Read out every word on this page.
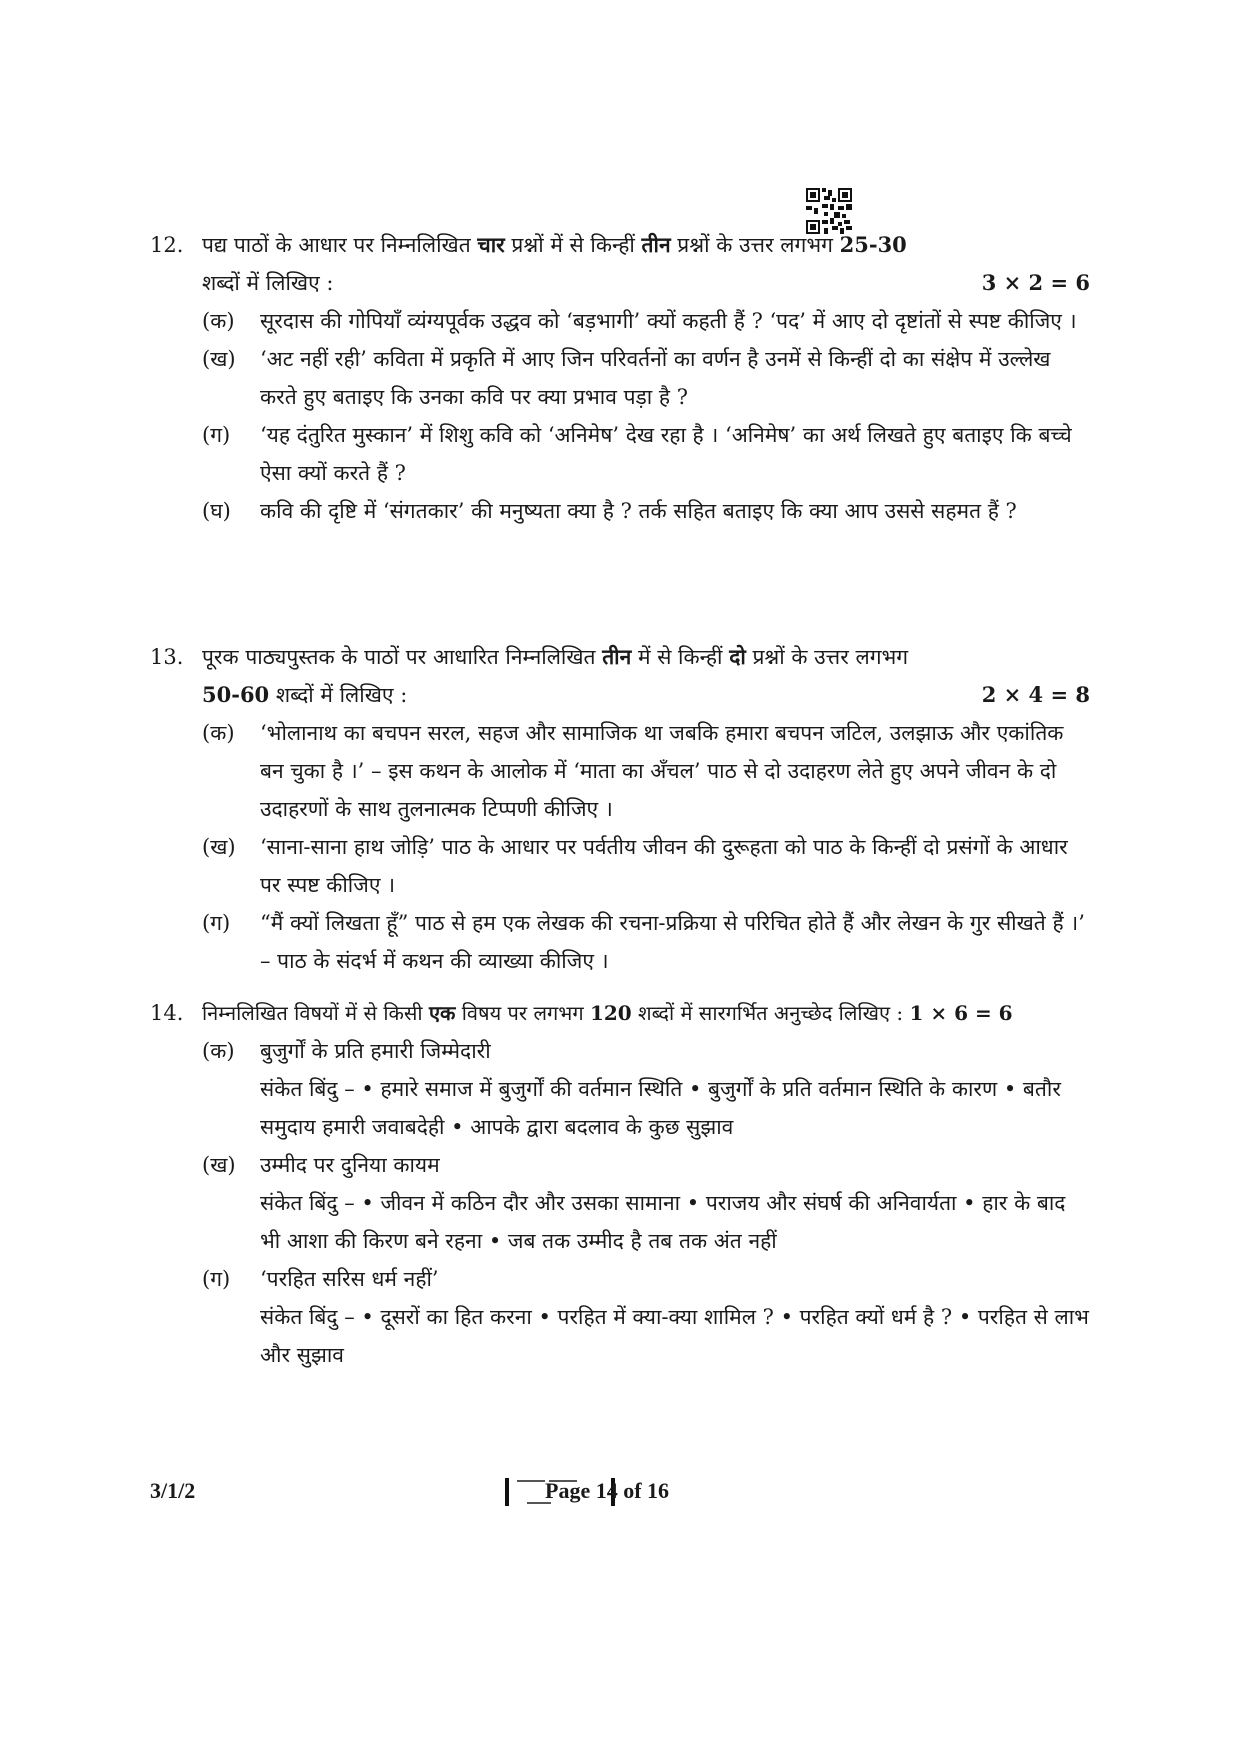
12. पद्य पाठों के आधार पर निम्नलिखित चार प्रश्नों में से किन्हीं तीन प्रश्नों के उत्तर लगभग 25-30
शब्दों में लिखिए :	3 × 2 = 6
(क) सूरदास की गोपियाँ व्यंग्यपूर्वक उद्धव को ‘बड़भागी’ क्यों कहती हैं ? ‘पद’ में आए दो दृष्टांतों से स्पष्ट कीजिए ।
(ख) ‘अट नहीं रही’ कविता में प्रकृति में आए जिन परिवर्तनों का वर्णन है उनमें से किन्हीं दो का संक्षेप में उल्लेख करते हुए बताइए कि उनका कवि पर क्या प्रभाव पड़ा है ?
(ग) ‘यह दंतुरित मुस्कान’ में शिशु कवि को ‘अनिमेष’ देख रहा है । ‘अनिमेष’ का अर्थ लिखते हुए बताइए कि बच्चे ऐसा क्यों करते हैं ?
(घ) कवि की दृष्टि में ‘संगतकार’ की मनुष्यता क्या है ? तर्क सहित बताइए कि क्या आप उससे सहमत हैं ?
13. पूरक पाठ्यपुस्तक के पाठों पर आधारित निम्नलिखित तीन में से किन्हीं दो प्रश्नों के उत्तर लगभग
50-60 शब्दों में लिखिए :	2 × 4 = 8
(क) ‘भोलानाथ का बचपन सरल, सहज और सामाजिक था जबकि हमारा बचपन जटिल, उलझाऊ और एकांतिक बन चुका है ।’ – इस कथन के आलोक में ‘माता का अँचल’ पाठ से दो उदाहरण लेते हुए अपने जीवन के दो उदाहरणों के साथ तुलनात्मक टिप्पणी कीजिए ।
(ख) ‘साना-साना हाथ जोड़ि’ पाठ के आधार पर पर्वतीय जीवन की दुरूहता को पाठ के किन्हीं दो प्रसंगों के आधार पर स्पष्ट कीजिए ।
(ग) “मैं क्यों लिखता हूँ” पाठ से हम एक लेखक की रचना-प्रक्रिया से परिचित होते हैं और लेखन के गुर सीखते हैं ।’ – पाठ के संदर्भ में कथन की व्याख्या कीजिए ।
14. निम्नलिखित विषयों में से किसी एक विषय पर लगभग 120 शब्दों में सारगर्भित अनुच्छेद लिखिए : 1 × 6 = 6
(क) बुजुर्गों के प्रति हमारी जिम्मेदारी
संकेत बिंदु – • हमारे समाज में बुजुर्गों की वर्तमान स्थिति • बुजुर्गों के प्रति वर्तमान स्थिति के कारण • बतौर समुदाय हमारी जवाबदेही • आपके द्वारा बदलाव के कुछ सुझाव
(ख) उम्मीद पर दुनिया कायम
संकेत बिंदु – • जीवन में कठिन दौर और उसका सामाना • पराजय और संघर्ष की अनिवार्यता • हार के बाद भी आशा की किरण बने रहना • जब तक उम्मीद है तब तक अंत नहीं
(ग) ‘परहित सरिस धर्म नहीं’
संकेत बिंदु – • दूसरों का हित करना • परहित में क्या-क्या शामिल ? • परहित क्यों धर्म है ? • परहित से लाभ और सुझाव
3/1/2	Page 14 of 16
